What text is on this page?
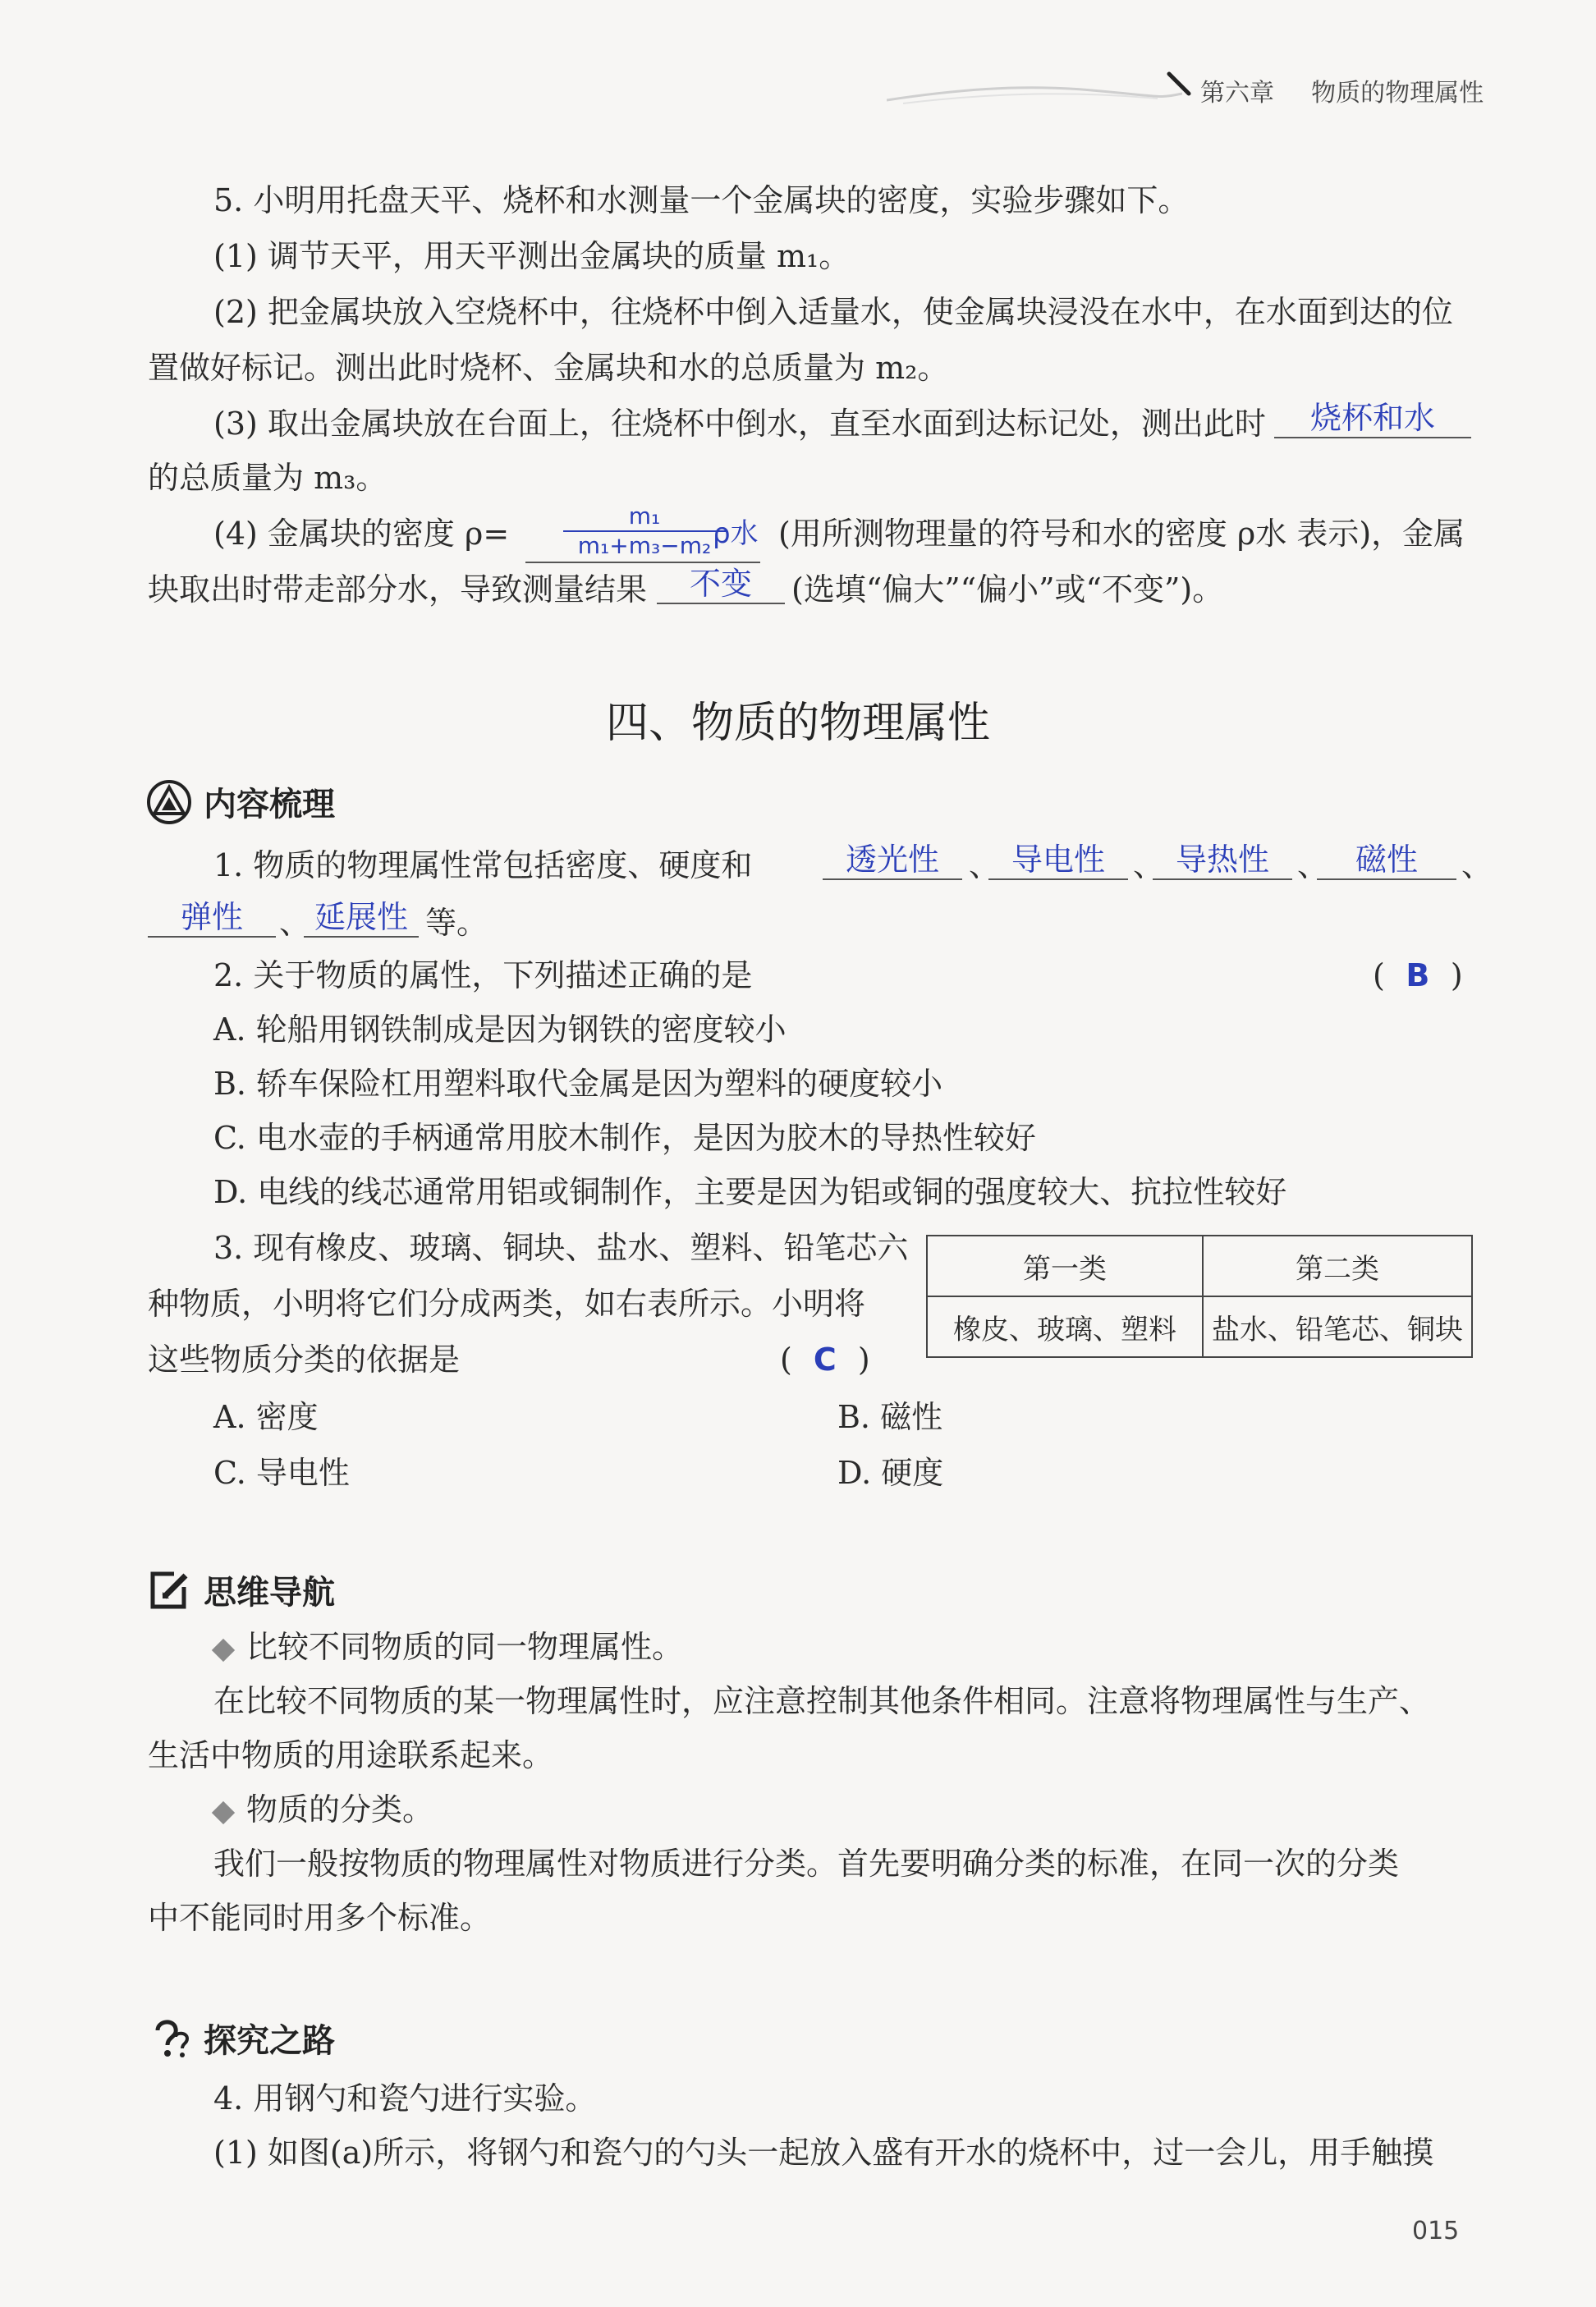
第六章 物质的物理属性
5. 小明用托盘天平、烧杯和水测量一个金属块的密度，实验步骤如下。
(1) 调节天平，用天平测出金属块的质量 m₁。
(2) 把金属块放入空烧杯中，往烧杯中倒入适量水，使金属块浸没在水中，在水面到达的位
置做好标记。测出此时烧杯、金属块和水的总质量为 m₂。
(3) 取出金属块放在台面上，往烧杯中倒水，直至水面到达标记处，测出此时	烧杯和水
的总质量为 m₃。
(4) 金属块的密度 ρ=	m₁
m₁+m₃−m₂ ρ水 (用所测物理量的符号和水的密度 ρ水 表示)，金属
块取出时带走部分水，导致测量结果	不变	(选填“偏大”“偏小”或“不变”)。
四、物质的物理属性
内容梳理
1. 物质的物理属性常包括密度、硬度和	透光性 、 导电性 、 导热性 、 磁性	、
弹性	、 延展性 等。
2. 关于物质的属性，下列描述正确的是	( B )
A. 轮船用钢铁制成是因为钢铁的密度较小
B. 轿车保险杠用塑料取代金属是因为塑料的硬度较小
C. 电水壶的手柄通常用胶木制作，是因为胶木的导热性较好
D. 电线的线芯通常用铝或铜制作，主要是因为铝或铜的强度较大、抗拉性较好
3. 现有橡皮、玻璃、铜块、盐水、塑料、铅笔芯六
种物质，小明将它们分成两类，如右表所示。小明将
这些物质分类的依据是	( C )
第一类	第二类
橡皮、玻璃、塑料	盐水、铅笔芯、铜块
A. 密度	B. 磁性
C. 导电性	D. 硬度
思维导航
比较不同物质的同一物理属性。
在比较不同物质的某一物理属性时，应注意控制其他条件相同。注意将物理属性与生产、
生活中物质的用途联系起来。
物质的分类。
我们一般按物质的物理属性对物质进行分类。首先要明确分类的标准，在同一次的分类
中不能同时用多个标准。
探究之路
4. 用钢勺和瓷勺进行实验。
(1) 如图(a)所示，将钢勺和瓷勺的勺头一起放入盛有开水的烧杯中，过一会儿，用手触摸
015
